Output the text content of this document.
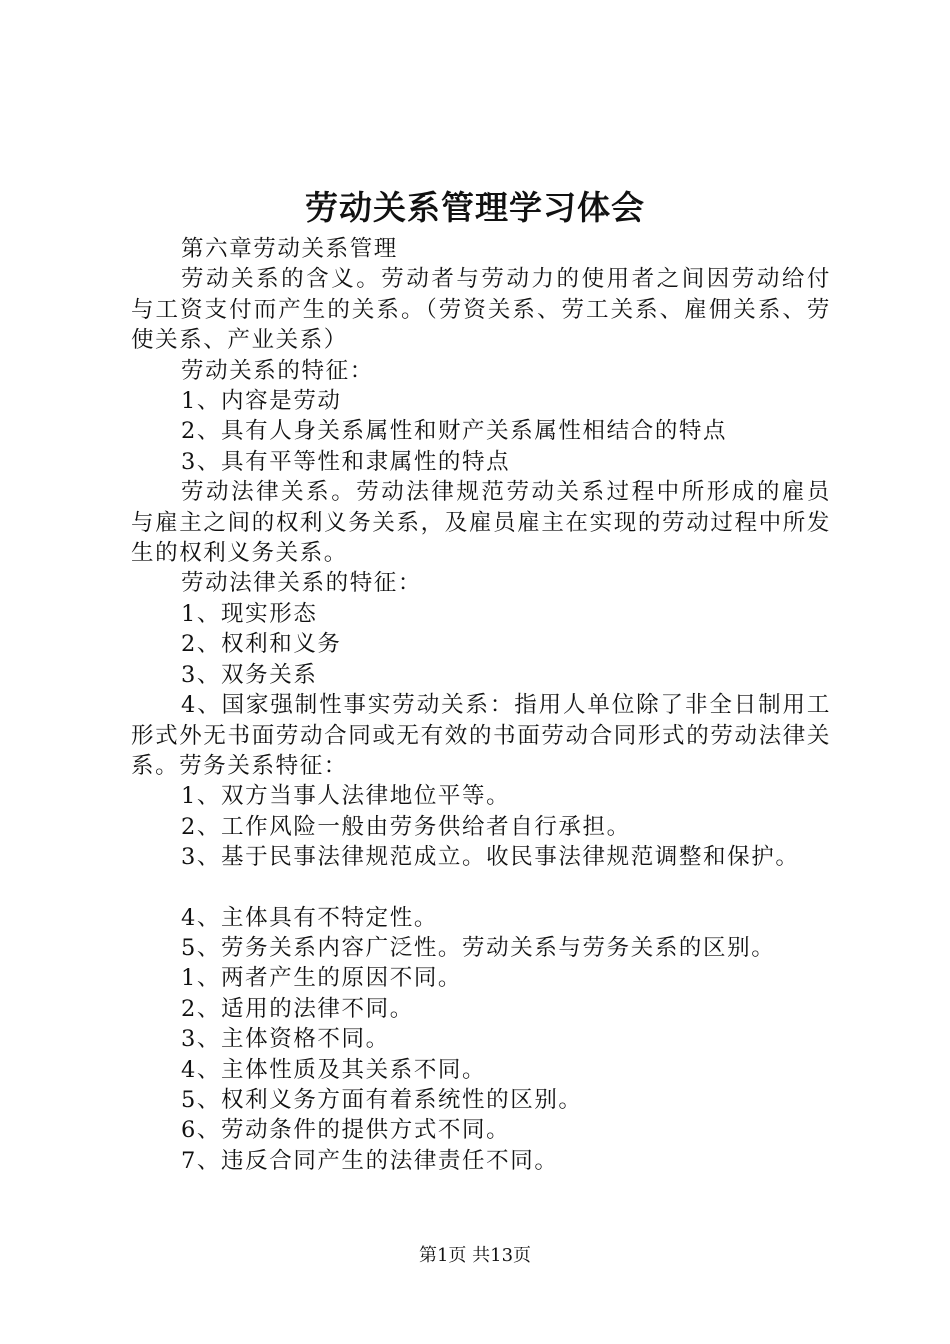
劳动关系管理学习体会

第六章劳动关系管理

劳动关系的含义。劳动者与劳动力的使用者之间因劳动给付与工资支付而产生的关系。（劳资关系、劳工关系、雇佣关系、劳使关系、产业关系）

劳动关系的特征：

1、内容是劳动

2、具有人身关系属性和财产关系属性相结合的特点

3、具有平等性和隶属性的特点

劳动法律关系。劳动法律规范劳动关系过程中所形成的雇员与雇主之间的权利义务关系，及雇员雇主在实现的劳动过程中所发生的权利义务关系。

劳动法律关系的特征：

1、现实形态

2、权利和义务

3、双务关系

4、国家强制性事实劳动关系：指用人单位除了非全日制用工形式外无书面劳动合同或无有效的书面劳动合同形式的劳动法律关系。劳务关系特征：

1、双方当事人法律地位平等。

2、工作风险一般由劳务供给者自行承担。

3、基于民事法律规范成立。收民事法律规范调整和保护。

4、主体具有不特定性。

5、劳务关系内容广泛性。劳动关系与劳务关系的区别。

1、两者产生的原因不同。

2、适用的法律不同。

3、主体资格不同。

4、主体性质及其关系不同。

5、权利义务方面有着系统性的区别。

6、劳动条件的提供方式不同。

7、违反合同产生的法律责任不同。

第1页 共13页
